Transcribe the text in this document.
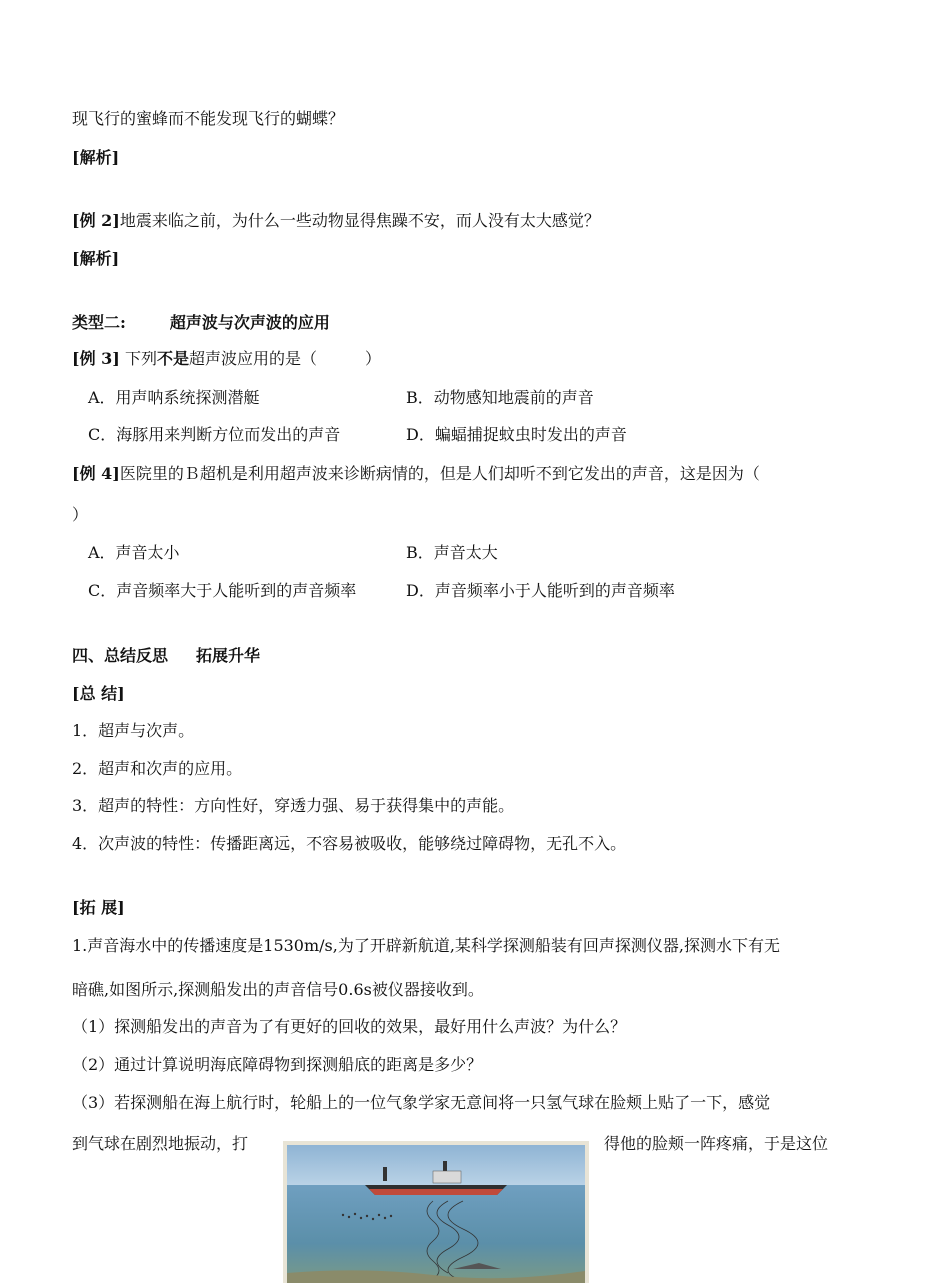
现飞行的蜜蜂而不能发现飞行的蝴蝶？
[解析]
[例 2]地震来临之前，为什么一些动物显得焦躁不安，而人没有太大感觉？
[解析]
类型二:	超声波与次声波的应用
[例 3] 下列不是超声波应用的是（　　　）
A．用声呐系统探测潜艇	B．动物感知地震前的声音
C．海豚用来判断方位而发出的声音	D．蝙蝠捕捉蚊虫时发出的声音
[例 4]医院里的Ｂ超机是利用超声波来诊断病情的，但是人们却听不到它发出的声音，这是因为（
）
A．声音太小	B．声音太大
C．声音频率大于人能听到的声音频率	D．声音频率小于人能听到的声音频率
四、总结反思 拓展升华
[总 结]
1．超声与次声。
2．超声和次声的应用。
3．超声的特性：方向性好，穿透力强、易于获得集中的声能。
4．次声波的特性：传播距离远，不容易被吸收，能够绕过障碍物，无孔不入。
[拓 展]
1.声音海水中的传播速度是1530m/s,为了开辟新航道,某科学探测船装有回声探测仪器,探测水下有无
暗礁,如图所示,探测船发出的声音信号0.6s被仪器接收到。
（1）探测船发出的声音为了有更好的回收的效果，最好用什么声波？为什么？
（2）通过计算说明海底障碍物到探测船底的距离是多少？
（3）若探测船在海上航行时，轮船上的一位气象学家无意间将一只氢气球在脸颊上贴了一下，感觉
到气球在剧烈地振动，打	得他的脸颊一阵疼痛，于是这位
